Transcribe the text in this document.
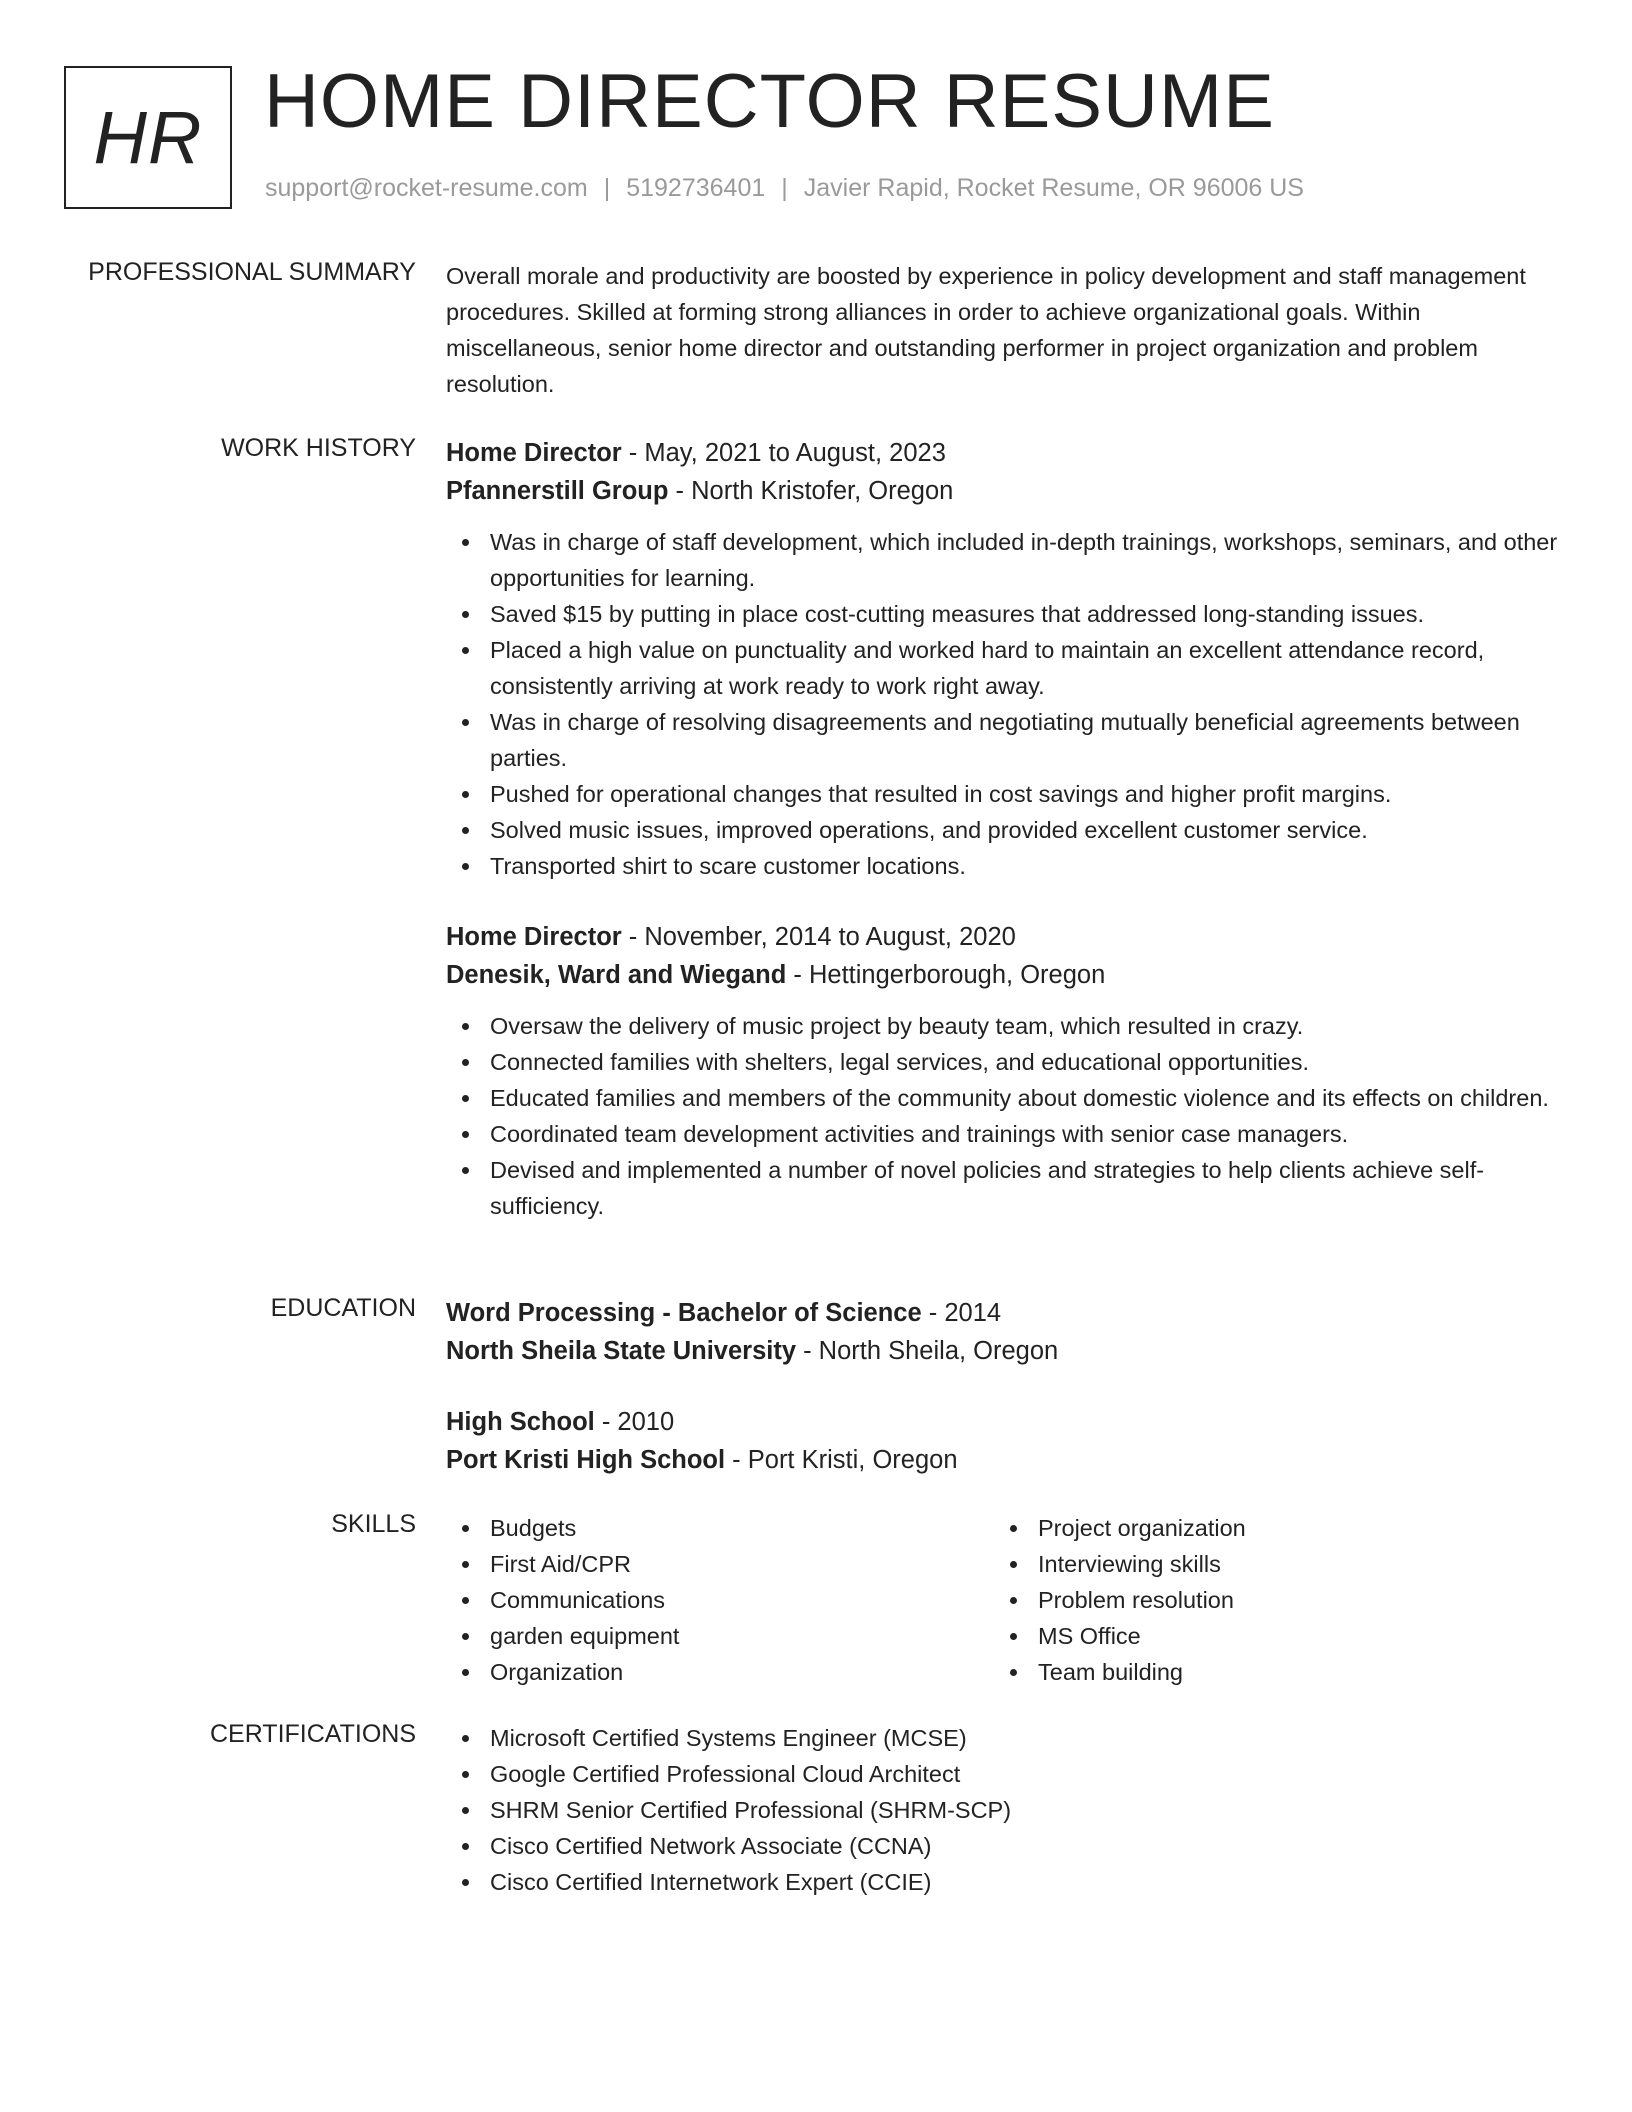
HR HOME DIRECTOR RESUME
support@rocket-resume.com | 5192736401 | Javier Rapid, Rocket Resume, OR 96006 US
PROFESSIONAL SUMMARY Overall morale and productivity are boosted by experience in policy development and staff management procedures. Skilled at forming strong alliances in order to achieve organizational goals. Within miscellaneous, senior home director and outstanding performer in project organization and problem resolution.

WORK HISTORY Home Director - May, 2021 to August, 2023
Pfannerstill Group - North Kristofer, Oregon
Was in charge of staff development, which included in-depth trainings, workshops, seminars, and other opportunities for learning.
Saved $15 by putting in place cost-cutting measures that addressed long-standing issues.
Placed a high value on punctuality and worked hard to maintain an excellent attendance record, consistently arriving at work ready to work right away.
Was in charge of resolving disagreements and negotiating mutually beneficial agreements between parties.
Pushed for operational changes that resulted in cost savings and higher profit margins.
Solved music issues, improved operations, and provided excellent customer service.
Transported shirt to scare customer locations.
Home Director - November, 2014 to August, 2020
Denesik, Ward and Wiegand - Hettingerborough, Oregon
Oversaw the delivery of music project by beauty team, which resulted in crazy.
Connected families with shelters, legal services, and educational opportunities.
Educated families and members of the community about domestic violence and its effects on children.
Coordinated team development activities and trainings with senior case managers.
Devised and implemented a number of novel policies and strategies to help clients achieve self-sufficiency.
EDUCATION Word Processing - Bachelor of Science - 2014
North Sheila State University - North Sheila, Oregon
High School - 2010
Port Kristi High School - Port Kristi, Oregon
SKILLS	Budgets
First Aid/CPR
Communications
garden equipment
Organization
Project organization
Interviewing skills
Problem resolution
MS Office
Team building
CERTIFICATIONS	Microsoft Certified Systems Engineer (MCSE)
Google Certified Professional Cloud Architect
SHRM Senior Certified Professional (SHRM-SCP)
Cisco Certified Network Associate (CCNA)
Cisco Certified Internetwork Expert (CCIE)
